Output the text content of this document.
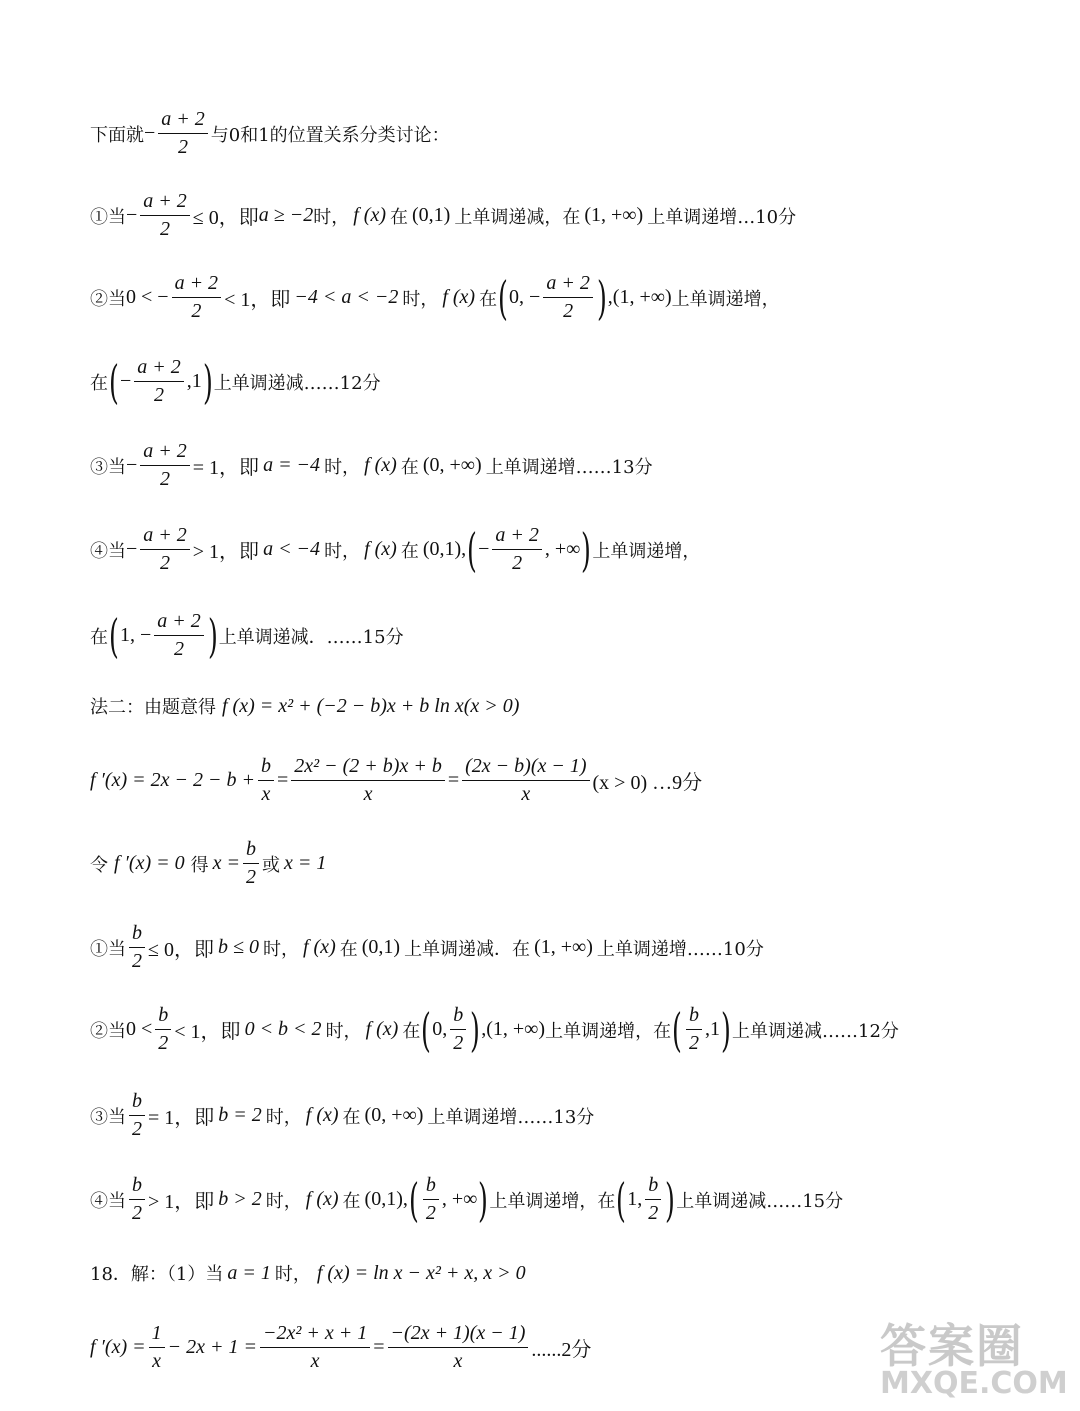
下面就 − $\frac{a + 2}{2}$ 与0和1的位置关系分类讨论：
①当 − $\frac{a + 2}{2} \le 0$，即 a ≥ −2 时， f (x) 在 (0,1) 上单调递减，在 (1, +∞) 上单调递增…10分
②当 0 < − $\frac{a + 2}{2} < 1$，即 −4 < a < −2 时， f (x) 在 ( 0, − $\frac{a + 2}{2}$ ) ,(1, +∞) 上单调递增，
在 ( − $\frac{a + 2}{2} ,1$ ) 上单调递减……12分
③当 − $\frac{a + 2}{2} = 1$，即 a = −4 时， f (x) 在 (0, +∞) 上单调递增……13分
④当 − $\frac{a + 2}{2} > 1$，即 a < −4 时， f (x) 在 (0,1), ( − $\frac{a + 2}{2}$ , +∞ ) 上单调递增，
在 ( 1, − $\frac{a + 2}{2}$ ) 上单调递减．……15分
法二：由题意得 f (x) = x² + (−2 − b)x + b ln x(x > 0)
f $'(x) = 2x - 2 - b + \frac{b}{x} = \frac{\text{2x² − (2 + b)x + b}}{x} = \frac{(2x - b)(x - 1)}{x} (x > 0)$ …9分
令 f ′(x) = 0 得 $x = \frac{b}{2}$ 或 x = 1
①当 $\frac{b}{2} \le 0$，即 b ≤ 0 时， f (x) 在 (0,1) 上单调递减．在 (1, +∞) 上单调递增……10分
②当 $0 < \frac{b}{2} < 1$，即 0 < b < 2 时， f (x) 在 ( 0, $\frac{b}{2}$ ) ,(1, +∞) 上单调递增，在 ( $\frac{b}{2} ,1$ ) 上单调递减……12分
③当 $\frac{b}{2} = 1$，即 b = 2 时， f (x) 在 (0, +∞) 上单调递增……13分
④当 $\frac{b}{2} > 1$，即 b > 2 时， f (x) 在 (0,1), ( $\frac{b}{2}$ , +∞ ) 上单调递增，在 ( 1, $\frac{b}{2}$ ) 上单调递减……15分
18．解：（1）当 a = 1 时， f (x) = ln x − x² + x, x > 0
f $'(x) = \frac{1}{x} - 2x + 1 = \frac{\text{−2x² + x + 1}}{x} = \frac{-(2x + 1)(x - 1)}{x} ......2$分	答案圈
MXQE.COM
